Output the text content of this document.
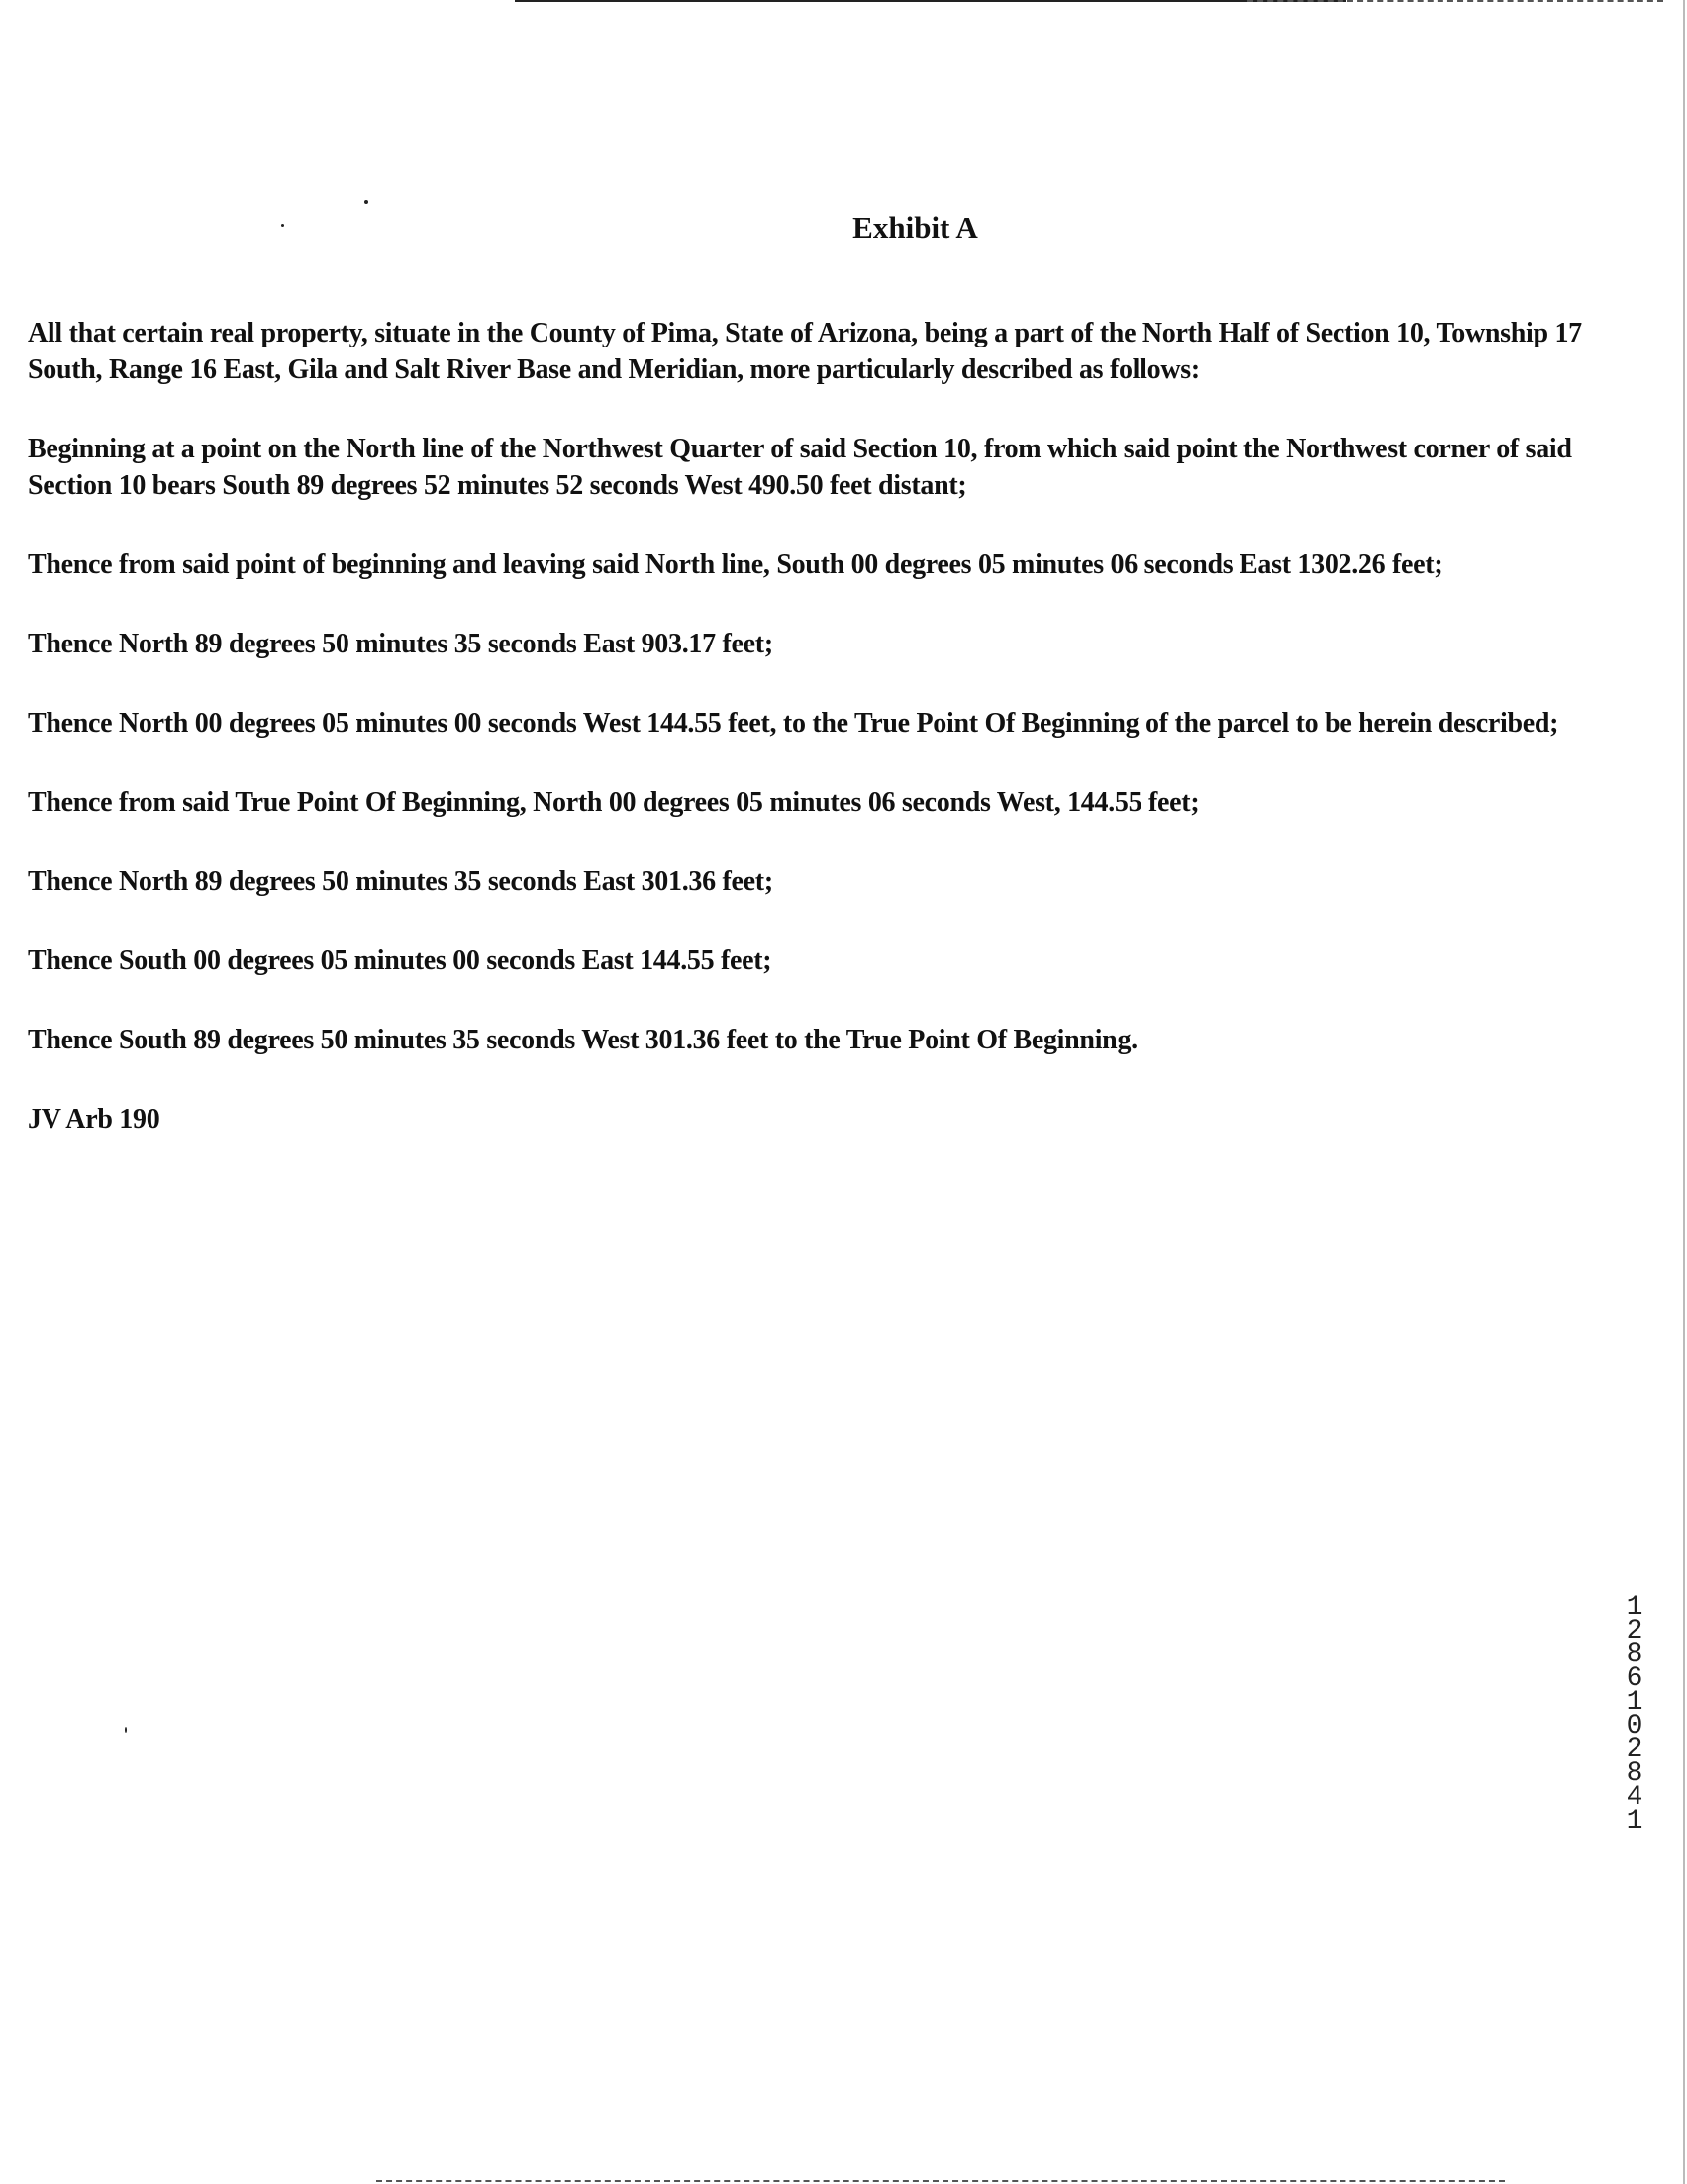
Exhibit A

All that certain real property, situate in the County of Pima, State of Arizona, being a part of the North Half of Section 10, Township 17 South, Range 16 East, Gila and Salt River Base and Meridian, more particularly described as follows:

Beginning at a point on the North line of the Northwest Quarter of said Section 10, from which said point the Northwest corner of said Section 10 bears South 89 degrees 52 minutes 52 seconds West 490.50 feet distant;

Thence from said point of beginning and leaving said North line, South 00 degrees 05 minutes 06 seconds East 1302.26 feet;

Thence North 89 degrees 50 minutes 35 seconds East 903.17 feet;

Thence North 00 degrees 05 minutes 00 seconds West 144.55 feet, to the True Point Of Beginning of the parcel to be herein described;

Thence from said True Point Of Beginning, North 00 degrees 05 minutes 06 seconds West, 144.55 feet;

Thence North 89 degrees 50 minutes 35 seconds East 301.36 feet;

Thence South 00 degrees 05 minutes 00 seconds East 144.55 feet;

Thence South 89 degrees 50 minutes 35 seconds West 301.36 feet to the True Point Of Beginning.

JV Arb 190

12861 02841
